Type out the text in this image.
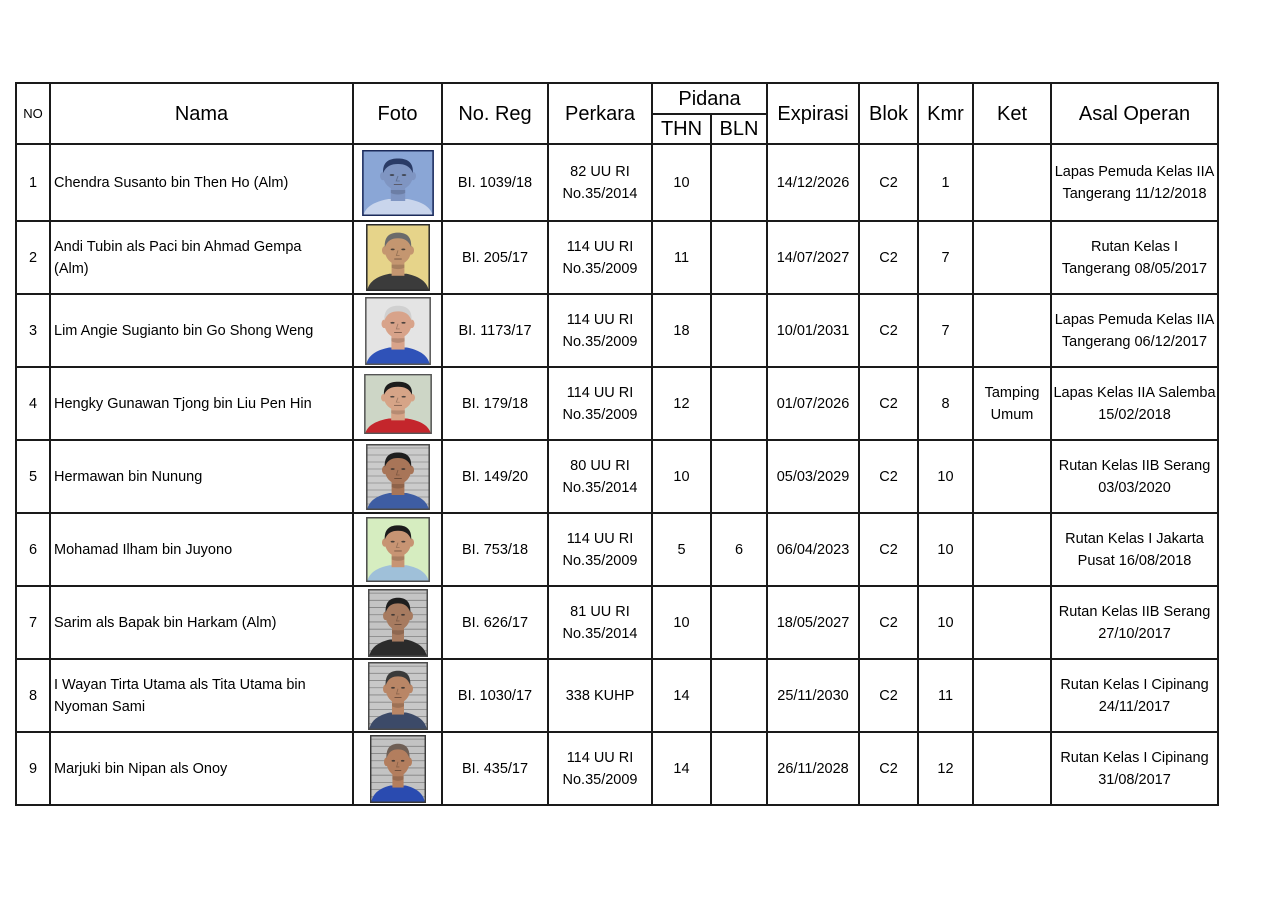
NO	Nama	Foto	No. Reg	Perkara	Pidana		Expirasi	Blok	Kmr	Ket	Asal Operan
					THN	BLN					
1	Chendra Susanto bin Then Ho (Alm)		BI. 1039/18	82 UU RI
No.35/2014	10		14/12/2026	C2	1		Lapas Pemuda Kelas IIA
Tangerang 11/12/2018

2	Andi Tubin als Paci bin Ahmad Gempa
(Alm)		BI. 205/17	114 UU RI
No.35/2009	11		14/07/2027	C2	7		Rutan Kelas I
Tangerang 08/05/2017

3	Lim Angie Sugianto bin Go Shong Weng		BI. 1173/17	114 UU RI
No.35/2009	18		10/01/2031	C2	7		Lapas Pemuda Kelas IIA
Tangerang 06/12/2017

4	Hengky Gunawan Tjong bin Liu Pen Hin		BI. 179/18	114 UU RI
No.35/2009	12		01/07/2026	C2	8	Tamping
Umum	Lapas Kelas IIA Salemba
15/02/2018

5	Hermawan bin Nunung		BI. 149/20	80 UU RI
No.35/2014	10		05/03/2029	C2	10		Rutan Kelas IIB Serang
03/03/2020

6	Mohamad Ilham bin Juyono		BI. 753/18	114 UU RI
No.35/2009	5	6	06/04/2023	C2	10		Rutan Kelas I Jakarta
Pusat 16/08/2018

7	Sarim als Bapak bin Harkam (Alm)		BI. 626/17	81 UU RI
No.35/2014	10		18/05/2027	C2	10		Rutan Kelas IIB Serang
27/10/2017

8	I Wayan Tirta Utama als Tita Utama bin
Nyoman Sami		BI. 1030/17	338 KUHP	14		25/11/2030	C2	11		Rutan Kelas I Cipinang
24/11/2017

9	Marjuki bin Nipan als Onoy		BI. 435/17	114 UU RI
No.35/2009	14		26/11/2028	C2	12		Rutan Kelas I Cipinang
31/08/2017
